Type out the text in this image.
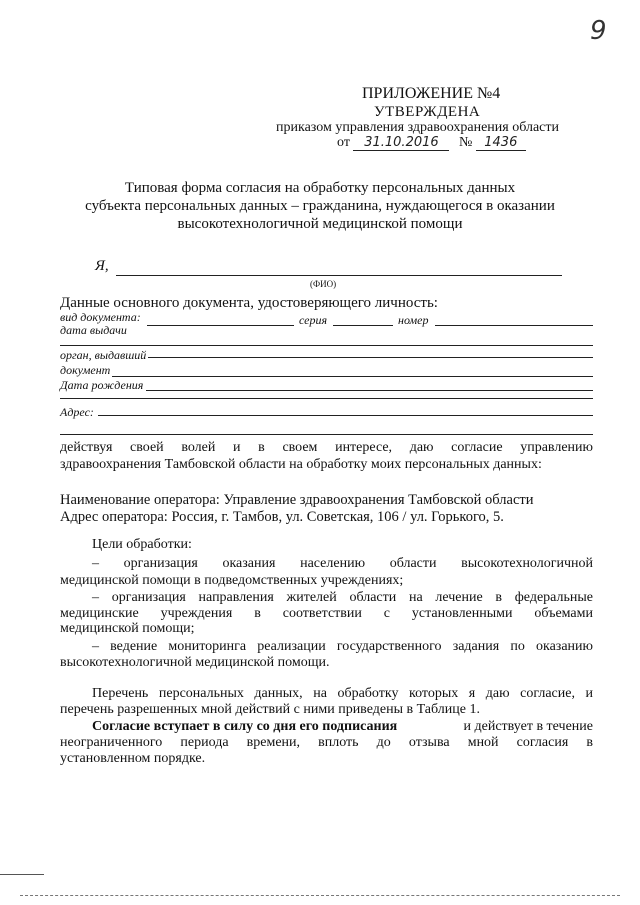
9
ПРИЛОЖЕНИЕ №4
УТВЕРЖДЕНА
приказом управления здравоохранения области
от 31.10.2016 № 1436
Типовая форма согласия на обработку персональных данных
субъекта персональных данных – гражданина, нуждающегося в оказании
высокотехнологичной медицинской помощи
Я,
(ФИО)
Данные основного документа, удостоверяющего личность:
вид документа:	серия	номер
дата выдачи
орган, выдавший
документ
Дата рождения
Адрес:
действуя своей волей и в своем интересе, даю согласие управлению
здравоохранения Тамбовской области на обработку моих персональных данных:
Наименование оператора: Управление здравоохранения Тамбовской области
Адрес оператора: Россия, г. Тамбов, ул. Советская, 106 / ул. Горького, 5.
Цели обработки:
– организация оказания населению области высокотехнологичной
медицинской помощи в подведомственных учреждениях;
– организация направления жителей области на лечение в федеральные
медицинские учреждения в соответствии с установленными объемами
медицинской помощи;
– ведение мониторинга реализации государственного задания по оказанию
высокотехнологичной медицинской помощи.
Перечень персональных данных, на обработку которых я даю согласие, и
перечень разрешенных мной действий с ними приведены в Таблице 1.
Согласие вступает в силу со дня его подписания	и действует в течение
неограниченного периода времени, вплоть до отзыва мной согласия в
установленном порядке.
